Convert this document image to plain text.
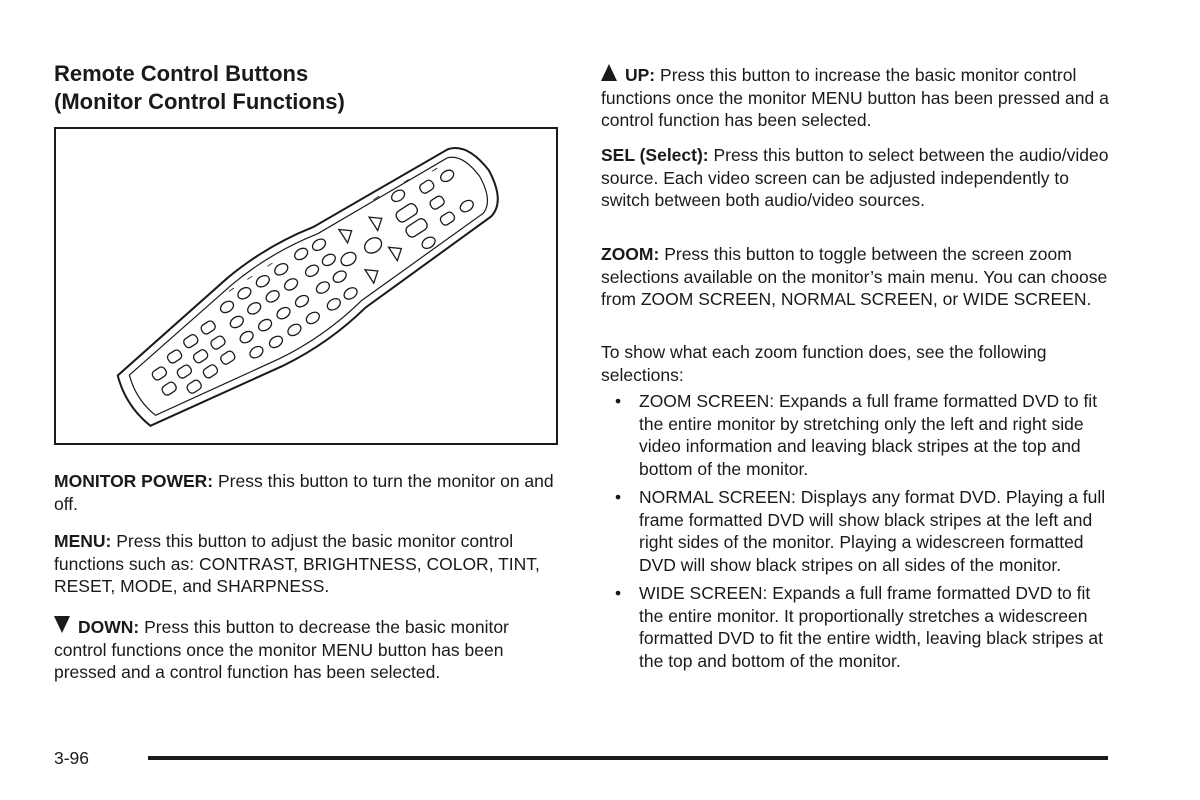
Remote Control Buttons
(Monitor Control Functions)

MONITOR POWER: Press this button to turn the monitor on and off.

MENU: Press this button to adjust the basic monitor control functions such as: CONTRAST, BRIGHTNESS, COLOR, TINT, RESET, MODE, and SHARPNESS.

DOWN: Press this button to decrease the basic monitor control functions once the monitor MENU button has been pressed and a control function has been selected.

UP: Press this button to increase the basic monitor control functions once the monitor MENU button has been pressed and a control function has been selected.

SEL (Select): Press this button to select between the audio/video source. Each video screen can be adjusted independently to switch between both audio/video sources.

ZOOM: Press this button to toggle between the screen zoom selections available on the monitor’s main menu. You can choose from ZOOM SCREEN, NORMAL SCREEN, or WIDE SCREEN.

To show what each zoom function does, see the following selections:

• ZOOM SCREEN: Expands a full frame formatted DVD to fit the entire monitor by stretching only the left and right side video information and leaving black stripes at the top and bottom of the monitor.
• NORMAL SCREEN: Displays any format DVD. Playing a full frame formatted DVD will show black stripes at the left and right sides of the monitor. Playing a widescreen formatted DVD will show black stripes on all sides of the monitor.
• WIDE SCREEN: Expands a full frame formatted DVD to fit the entire monitor. It proportionally stretches a widescreen formatted DVD to fit the entire width, leaving black stripes at the top and bottom of the monitor.
3-96
